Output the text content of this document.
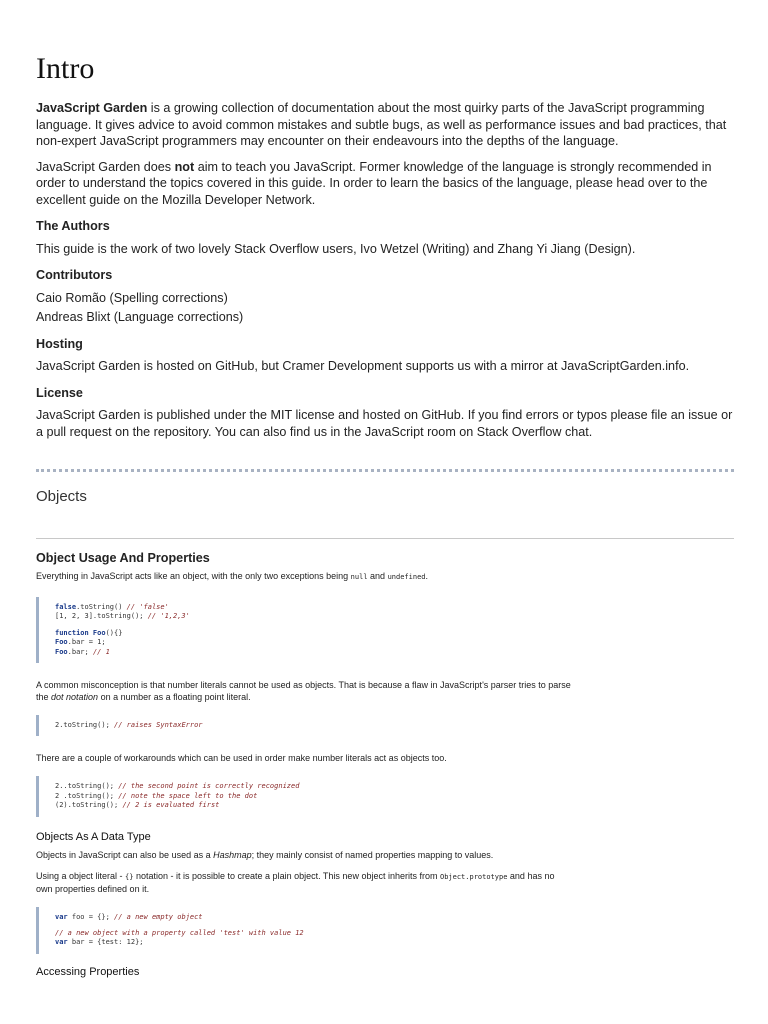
Intro

JavaScript Garden is a growing collection of documentation about the most quirky parts of the JavaScript programming language. It gives advice to avoid common mistakes and subtle bugs, as well as performance issues and bad practices, that non-expert JavaScript programmers may encounter on their endeavours into the depths of the language.

JavaScript Garden does not aim to teach you JavaScript. Former knowledge of the language is strongly recommended in order to understand the topics covered in this guide. In order to learn the basics of the language, please head over to the excellent guide on the Mozilla Developer Network.

The Authors

This guide is the work of two lovely Stack Overflow users, Ivo Wetzel (Writing) and Zhang Yi Jiang (Design).

Contributors
Caio Romão (Spelling corrections)

Andreas Blixt (Language corrections)

Hosting

JavaScript Garden is hosted on GitHub, but Cramer Development supports us with a mirror at JavaScriptGarden.info.

License

JavaScript Garden is published under the MIT license and hosted on GitHub. If you find errors or typos please file an issue or a pull request on the repository. You can also find us in the JavaScript room on Stack Overflow chat.

Objects
Object Usage And Properties

Everything in JavaScript acts like an object, with the only two exceptions being null and undefined.

false.toString() // 'false'
[1, 2, 3].toString(); // '1,2,3'
function Foo(){}
Foo.bar = 1;
Foo.bar; // 1

A common misconception is that number literals cannot be used as objects. That is because a flaw in JavaScript's parser tries to parse the dot notation on a number as a floating point literal.

2.toString(); // raises SyntaxError

There are a couple of workarounds which can be used in order make number literals act as objects too.

2..toString(); // the second point is correctly recognized
2 .toString(); // note the space left to the dot
(2).toString(); // 2 is evaluated first
Objects As A Data Type

Objects in JavaScript can also be used as a Hashmap; they mainly consist of named properties mapping to values.

Using a object literal - {} notation - it is possible to create a plain object. This new object inherits from Object.prototype and has no own properties defined on it.

var foo = {}; // a new empty object
// a new object with a property called 'test' with value 12
var bar = {test: 12};
Accessing Properties
